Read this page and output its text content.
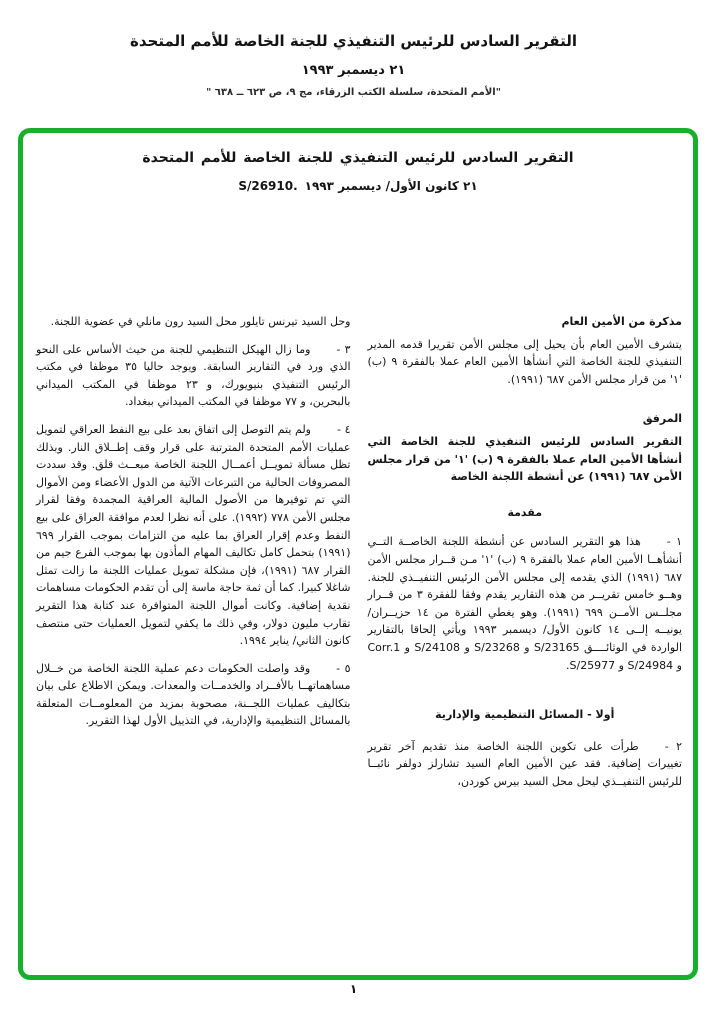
التقرير السادس للرئيس التنفيذي للجنة الخاصة للأمم المتحدة
٢١ ديسمبر ١٩٩٣
"الأمم المتحدة، سلسلة الكتب الزرقاء، مج ٩، ص ٦٢٣ ــ ٦٣٨ "
التقرير السادس للرئيس التنفيذي للجنة الخاصة للأمم المتحدة
S/26910. ٢١ كانون الأول/ ديسمبر ١٩٩٣
مذكرة من الأمين العام
يتشرف الأمين العام بأن يحيل إلى مجلس الأمن تقريرا قدمه المدير التنفيذي للجنة الخاصة التي أنشأها الأمين العام عملا بالفقرة ٩ (ب) '١' من قرار مجلس الأمن ٦٨٧ (١٩٩١).
المرفق
التقرير السادس للرئيس التنفيذي للجنة الخاصة التي أنشأها الأمين العام عملا بالفقرة ٩ (ب) '١' من قرار مجلس الأمن ٦٨٧ (١٩٩١) عن أنشطة اللجنة الخاصة
مقدمة
١ -هذا هو التقرير السادس عن أنشطة اللجنة الخاصــة التــي أنشأهــا الأمين العام عملا بالفقرة ٩ (ب) '١' مـن قــرار مجلس الأمن ٦٨٧ (١٩٩١) الذي يقدمه إلى مجلس الأمن الرئيس التنفيــذي للجنة. وهــو خامس تقريــر من هذه التقارير يقدم وفقا للفقرة ٣ من قــرار مجلــس الأمــن ٦٩٩ (١٩٩١). وهو يغطي الفترة من ١٤ حزيــران/ يونيــه إلــى ١٤ كانون الأول/ ديسمبر ١٩٩٣ ويأتي إلحاقا بالتقارير الواردة في الوثائــــق S/23165 و S/23268 و S/24108 و Corr.1 و S/24984 و S/25977.
أولا - المسائل التنظيمية والإدارية
٢ -طرأت على تكوين اللجنة الخاصة منذ تقديم آخر تقرير تغييرات إضافية. فقد عين الأمين العام السيد تشارلز دولفر نائبــا للرئيس التنفيــذي ليحل محل السيد بيرس كوردن،
وحل السيد تيرنس تايلور محل السيد رون مانلي في عضوية اللجنة.
٣ -وما زال الهيكل التنظيمي للجنة من حيث الأساس على النحو الذي ورد في التقارير السابقة. ويوجد حاليا ٣٥ موظفا في مكتب الرئيس التنفيذي بنيويورك، و ٢٣ موظفا في المكتب الميداني بالبحرين، و ٧٧ موظفا في المكتب الميداني ببغداد.
٤ -ولم يتم التوصل إلى اتفاق بعد على بيع النفط العراقي لتمويل عمليات الأمم المتحدة المترتبة على قرار وقف إطــلاق النار. وبذلك تظل مسألة تمويــل أعمــال اللجنة الخاصة مبعــث قلق. وقد سددت المصروفات الحالية من التبرعات الآتية من الدول الأعضاء ومن الأموال التي تم توفيرها من الأصول المالية العراقية المجمدة وفقا لقرار مجلس الأمن ٧٧٨ (١٩٩٢). على أنه نظرا لعدم موافقة العراق على بيع النفط وعدم إقرار العراق بما عليه من التزامات بموجب القرار ٦٩٩ (١٩٩١) بتحمل كامل تكاليف المهام المأذون بها بموجب الفرع جيم من القرار ٦٨٧ (١٩٩١)، فإن مشكلة تمويل عمليات اللجنة ما زالت تمثل شاغلا كبيرا. كما أن ثمة حاجة ماسة إلى أن تقدم الحكومات مساهمات نقدية إضافية. وكانت أموال اللجنة المتوافرة عند كتابة هذا التقرير تقارب مليون دولار، وفي ذلك ما يكفي لتمويل العمليات حتى منتصف كانون الثاني/ يناير ١٩٩٤.
٥ -وقد واصلت الحكومات دعم عملية اللجنة الخاصة من خــلال مساهماتهــا بالأفــراد والخدمــات والمعدات. ويمكن الاطلاع على بيان بتكاليف عمليات اللجــنة، مصحوبة بمزيد من المعلومــات المتعلقة بالمسائل التنظيمية والإدارية، في التذييل الأول لهذا التقرير.
١
